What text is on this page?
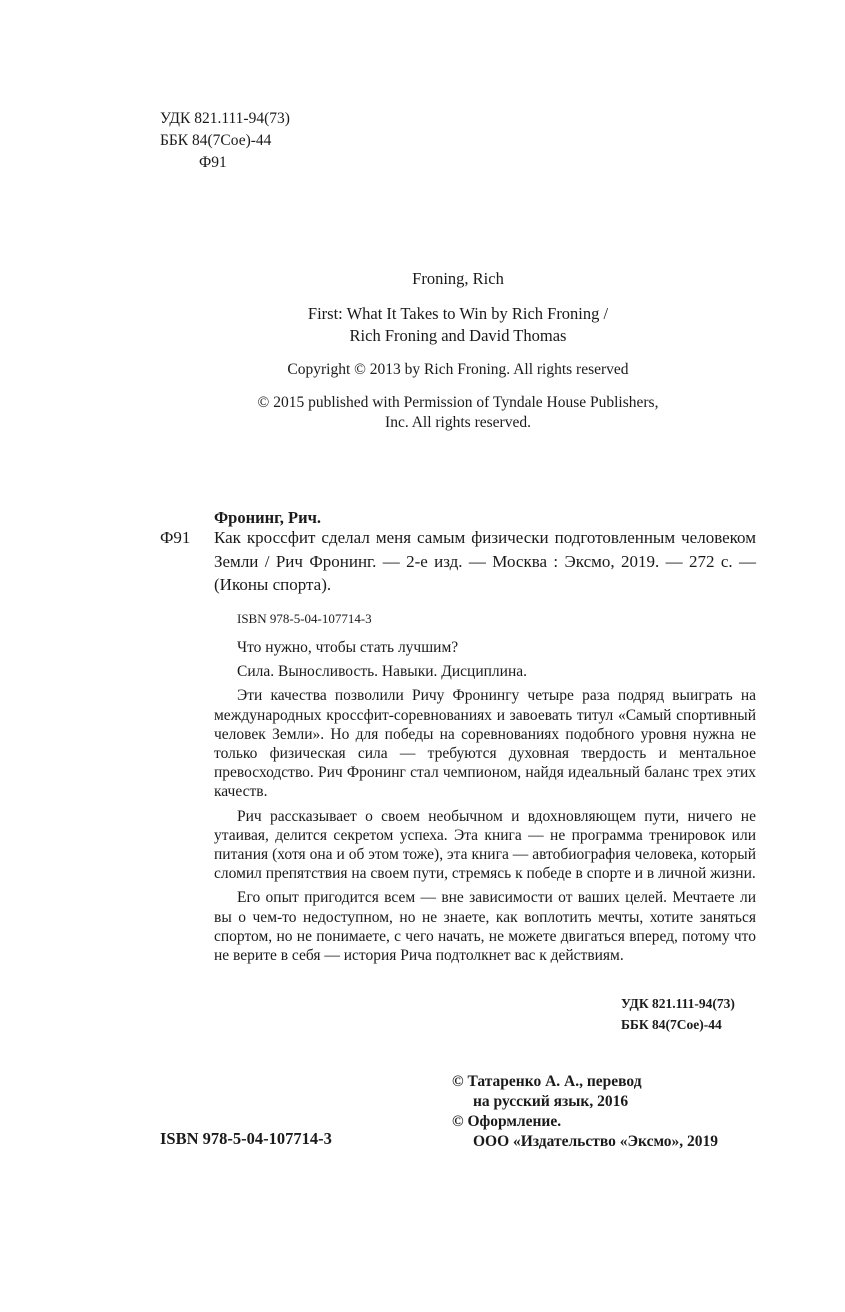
УДК 821.111-94(73)
ББК 84(7Сое)-44
Ф91
Froning, Rich

First: What It Takes to Win by Rich Froning /

Rich Froning and David Thomas

Copyright © 2013 by Rich Froning. All rights reserved

© 2015 published with Permission of Tyndale House Publishers,

Inc. All rights reserved.

Фронинг, Рич.
Ф91 Как кроссфит сделал меня самым физически подготовленным человеком Земли / Рич Фронинг. — 2-е изд. — Москва : Эксмо, 2019. — 272 с. — (Иконы спорта).

ISBN 978-5-04-107714-3

Что нужно, чтобы стать лучшим?

Сила. Выносливость. Навыки. Дисциплина.

Эти качества позволили Ричу Фронингу четыре раза подряд выиграть на международных кроссфит-соревнованиях и завоевать титул «Самый спортивный человек Земли». Но для победы на соревнованиях подобного уровня нужна не только физическая сила — требуются духовная твердость и ментальное превосходство. Рич Фронинг стал чемпионом, найдя идеальный баланс трех этих качеств.

Рич рассказывает о своем необычном и вдохновляющем пути, ничего не утаивая, делится секретом успеха. Эта книга — не программа тренировок или питания (хотя она и об этом тоже), эта книга — автобиография человека, который сломил препятствия на своем пути, стремясь к победе в спорте и в личной жизни.

Его опыт пригодится всем — вне зависимости от ваших целей. Мечтаете ли вы о чем-то недоступном, но не знаете, как воплотить мечты, хотите заняться спортом, но не понимаете, с чего начать, не можете двигаться вперед, потому что не верите в себя — история Рича подтолкнет вас к действиям.

УДК 821.111-94(73)
ББК 84(7Сое)-44
© Татаренко А. А., перевод
на русский язык, 2016
© Оформление.
ООО «Издательство «Эксмо», 2019
ISBN 978-5-04-107714-3
